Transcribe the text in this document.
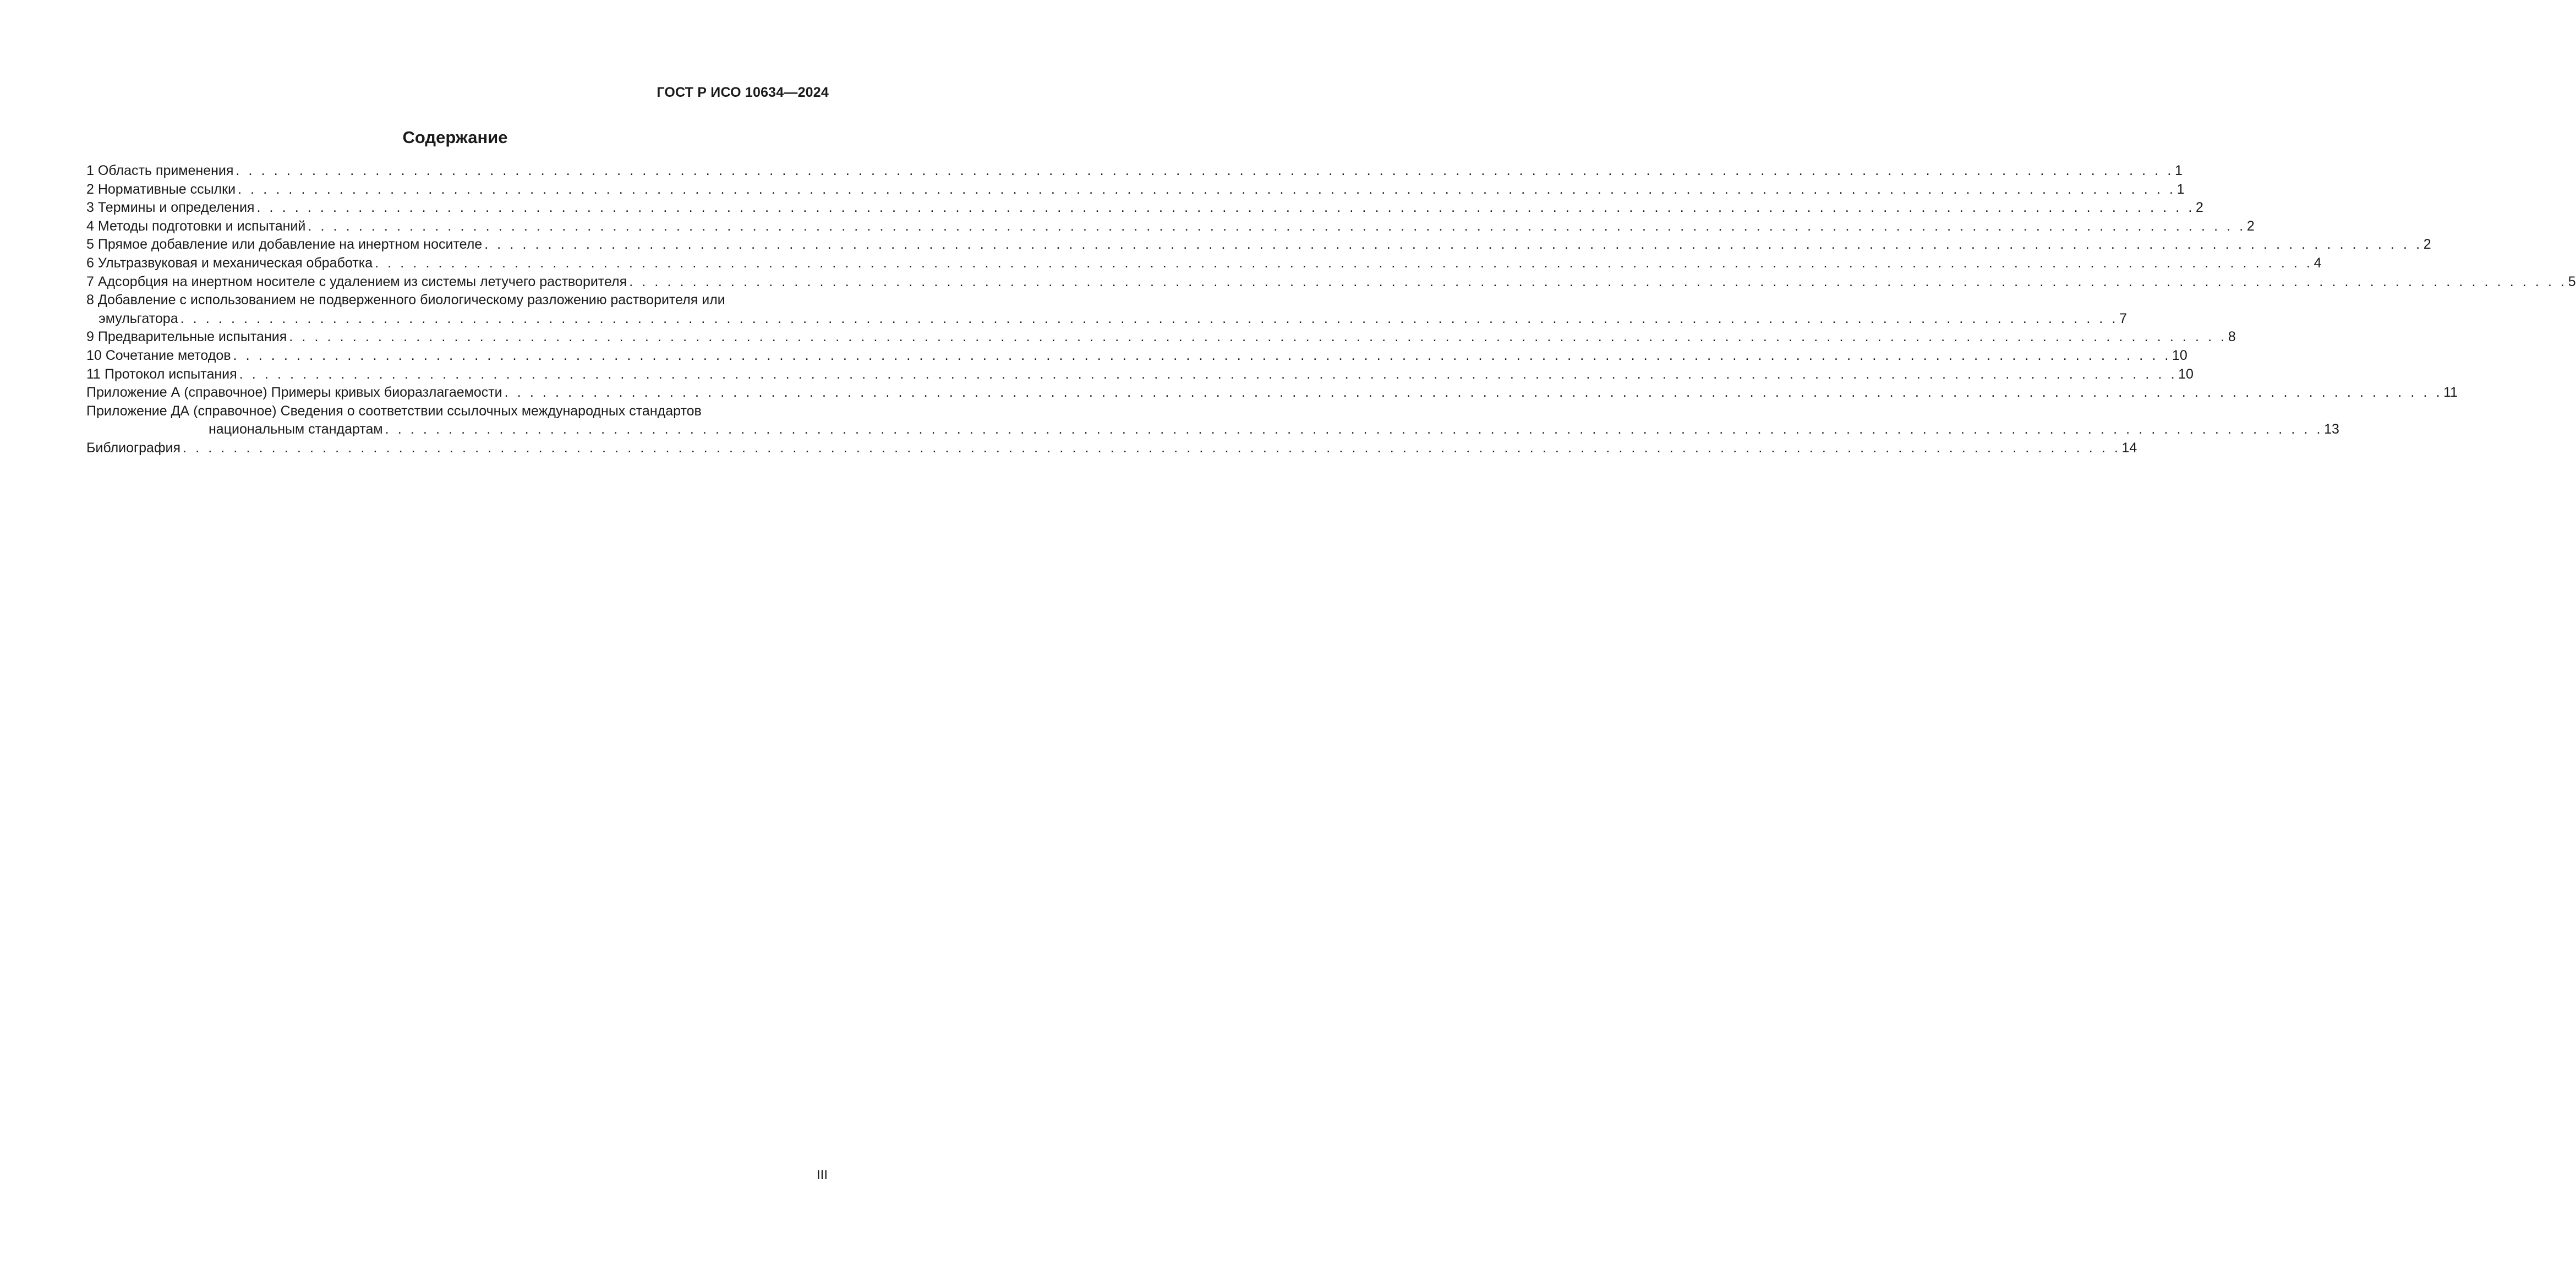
ГОСТ Р ИСО 10634—2024
Содержание
1 Область применения . . . . . . . . . . . . . . . . . . . . . . . . . . . . . . . . . . . . . . . . . . . . . . . . . . . . . . . . . . . . . . . . . . . . . . . . . . . . . . . . . . . . . . . . . . . . . . . . . . . . . . . . . . . . . . . . . . . . . . . . . . . . . . . . . . . . . . . . . . . . . . . . . . . . . . . . . 1
2 Нормативные ссылки . . . . . . . . . . . . . . . . . . . . . . . . . . . . . . . . . . . . . . . . . . . . . . . . . . . . . . . . . . . . . . . . . . . . . . . . . . . . . . . . . . . . . . . . . . . . . . . . . . . . . . . . . . . . . . . . . . . . . . . . . . . . . . . . . . . . . . . . . . . . . . . . . . . . . . . . . 1
3 Термины и определения . . . . . . . . . . . . . . . . . . . . . . . . . . . . . . . . . . . . . . . . . . . . . . . . . . . . . . . . . . . . . . . . . . . . . . . . . . . . . . . . . . . . . . . . . . . . . . . . . . . . . . . . . . . . . . . . . . . . . . . . . . . . . . . . . . . . . . . . . . . . . . . . . . . . . . . . . 2
4 Методы подготовки и испытаний . . . . . . . . . . . . . . . . . . . . . . . . . . . . . . . . . . . . . . . . . . . . . . . . . . . . . . . . . . . . . . . . . . . . . . . . . . . . . . . . . . . . . . . . . . . . . . . . . . . . . . . . . . . . . . . . . . . . . . . . . . . . . . . . . . . . . . . . . . . . . . . . . . . . . . . . . 2
5 Прямое добавление или добавление на инертном носителе . . . . . . . . . . . . . . . . . . . . . . . . . . . . . . . . . . . . . . . . . . . . . . . . . . . . . . . . . . . . . . . . . . . . . . . . . . . . . . . . . . . . . . . . . . . . . . . . . . . . . . . . . . . . . . . . . . . . . . . . . . . . . . . . . . . . . . . . . . . . . . . . . . . . . . . . . 2
6 Ультразвуковая и механическая обработка . . . . . . . . . . . . . . . . . . . . . . . . . . . . . . . . . . . . . . . . . . . . . . . . . . . . . . . . . . . . . . . . . . . . . . . . . . . . . . . . . . . . . . . . . . . . . . . . . . . . . . . . . . . . . . . . . . . . . . . . . . . . . . . . . . . . . . . . . . . . . . . . . . . . . . . . . 4
7 Адсорбция на инертном носителе с удалением из системы летучего растворителя . . . . . . . . . . . . . . . . . . . . . . . . . . . . . . . . . . . . . . . . . . . . . . . . . . . . . . . . . . . . . . . . . . . . . . . . . . . . . . . . . . . . . . . . . . . . . . . . . . . . . . . . . . . . . . . . . . . . . . . . . . . . . . . . . . . . . . . . . . . . . . . . . . . . . . . . . 5
8 Добавление с использованием не подверженного биологическому разложению растворителя или
эмульгатора . . . . . . . . . . . . . . . . . . . . . . . . . . . . . . . . . . . . . . . . . . . . . . . . . . . . . . . . . . . . . . . . . . . . . . . . . . . . . . . . . . . . . . . . . . . . . . . . . . . . . . . . . . . . . . . . . . . . . . . . . . . . . . . . . . . . . . . . . . . . . . . . . . . . . . . . . 7
9 Предварительные испытания . . . . . . . . . . . . . . . . . . . . . . . . . . . . . . . . . . . . . . . . . . . . . . . . . . . . . . . . . . . . . . . . . . . . . . . . . . . . . . . . . . . . . . . . . . . . . . . . . . . . . . . . . . . . . . . . . . . . . . . . . . . . . . . . . . . . . . . . . . . . . . . . . . . . . . . . . 8
10 Сочетание методов . . . . . . . . . . . . . . . . . . . . . . . . . . . . . . . . . . . . . . . . . . . . . . . . . . . . . . . . . . . . . . . . . . . . . . . . . . . . . . . . . . . . . . . . . . . . . . . . . . . . . . . . . . . . . . . . . . . . . . . . . . . . . . . . . . . . . . . . . . . . . . . . . . . . . . . . . 10
11 Протокол испытания . . . . . . . . . . . . . . . . . . . . . . . . . . . . . . . . . . . . . . . . . . . . . . . . . . . . . . . . . . . . . . . . . . . . . . . . . . . . . . . . . . . . . . . . . . . . . . . . . . . . . . . . . . . . . . . . . . . . . . . . . . . . . . . . . . . . . . . . . . . . . . . . . . . . . . . . . 10
Приложение А (справочное) Примеры кривых биоразлагаемости . . . . . . . . . . . . . . . . . . . . . . . . . . . . . . . . . . . . . . . . . . . . . . . . . . . . . . . . . . . . . . . . . . . . . . . . . . . . . . . . . . . . . . . . . . . . . . . . . . . . . . . . . . . . . . . . . . . . . . . . . . . . . . . . . . . . . . . . . . . . . . . . . . . . . . . . . 11
Приложение ДА (справочное) Сведения о соответствии ссылочных международных стандартов
национальным стандартам . . . . . . . . . . . . . . . . . . . . . . . . . . . . . . . . . . . . . . . . . . . . . . . . . . . . . . . . . . . . . . . . . . . . . . . . . . . . . . . . . . . . . . . . . . . . . . . . . . . . . . . . . . . . . . . . . . . . . . . . . . . . . . . . . . . . . . . . . . . . . . . . . . . . . . . . . 13
Библиография . . . . . . . . . . . . . . . . . . . . . . . . . . . . . . . . . . . . . . . . . . . . . . . . . . . . . . . . . . . . . . . . . . . . . . . . . . . . . . . . . . . . . . . . . . . . . . . . . . . . . . . . . . . . . . . . . . . . . . . . . . . . . . . . . . . . . . . . . . . . . . . . . . . . . . . . . 14
III
